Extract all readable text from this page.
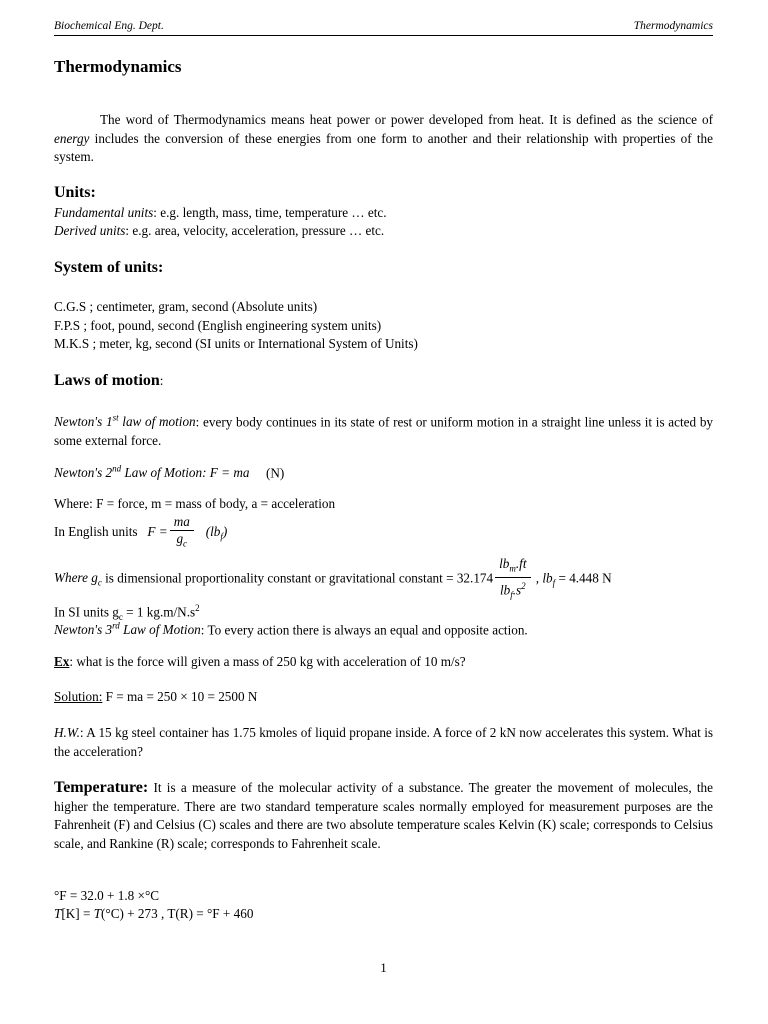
Biochemical Eng. Dept.	Thermodynamics
Thermodynamics
The word of Thermodynamics means heat power or power developed from heat. It is defined as the science of energy includes the conversion of these energies from one form to another and their relationship with properties of the system.
Units:
Fundamental units: e.g. length, mass, time, temperature … etc.
Derived units: e.g. area, velocity, acceleration, pressure … etc.
System of units:
C.G.S ; centimeter, gram, second (Absolute units)
F.P.S ; foot, pound, second (English engineering system units)
M.K.S ; meter, kg, second (SI units or International System of Units)
Laws of motion:
Newton's 1st law of motion: every body continues in its state of rest or uniform motion in a straight line unless it is acted by some external force.
Newton's 2nd Law of Motion: F = ma (N)
Where: F = force, m = mass of body, a = acceleration
In English units $F = \frac{ma}{g_c} (lb_f)$
Where $g_c$ is dimensional proportionality constant or gravitational constant = $32.174 \frac{lb_m.ft}{lb_f.s^2}$ , $lb_f = 4.448$ N
In SI units $g_c = 1$ $kg.m/N.s^2$
Newton's 3rd Law of Motion: To every action there is always an equal and opposite action.
Ex: what is the force will given a mass of 250 kg with acceleration of 10 m/s?
Solution: F = ma = 250 × 10 = 2500 N
H.W.: A 15 kg steel container has 1.75 kmoles of liquid propane inside. A force of 2 kN now accelerates this system. What is the acceleration?
Temperature: It is a measure of the molecular activity of a substance. The greater the movement of molecules, the higher the temperature. There are two standard temperature scales normally employed for measurement purposes are the Fahrenheit (F) and Celsius (C) scales and there are two absolute temperature scales Kelvin (K) scale; corresponds to Celsius scale, and Rankine (R) scale; corresponds to Fahrenheit scale.
°F = 32.0 + 1.8 ×°C
T[K] = T(°C) + 273 , T(R) = °F + 460
1
